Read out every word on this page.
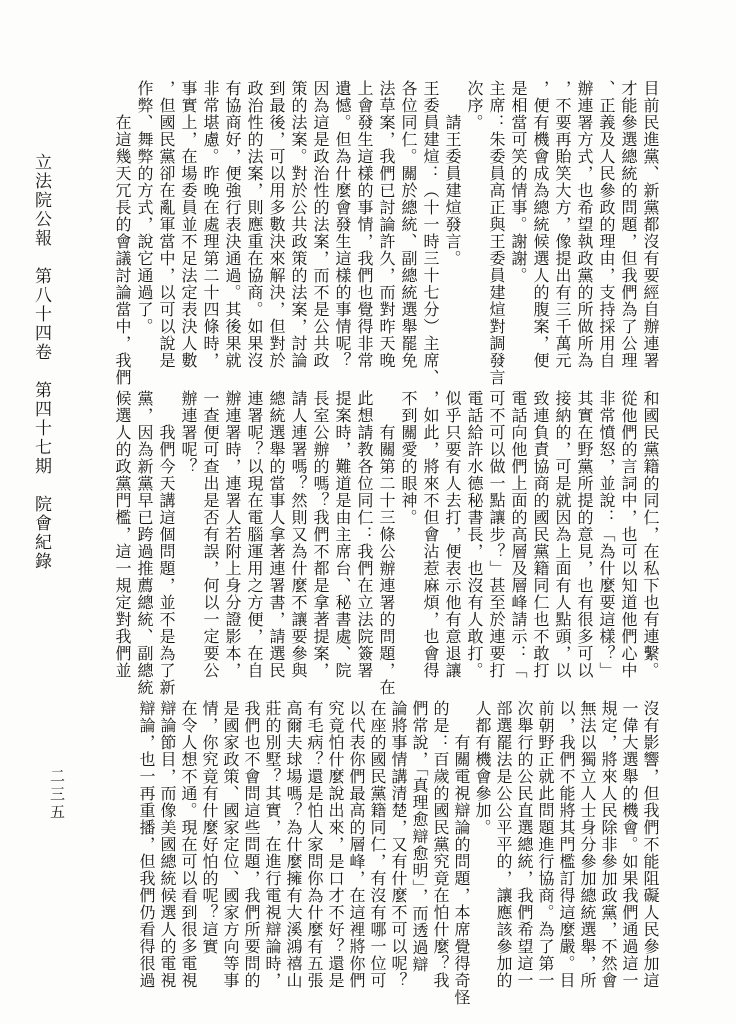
立法院公報　第八十四卷　第四十七期　院會紀錄
二三五
目前民進黨、新黨都沒有要經自辦連署
才能參選總統的問題，但我們為了公理
、正義及人民參政的理由，支持採用自
辦連署方式，也希望執政黨的所做所為
，不要再貽笑大方，像提出有三千萬元
，便有機會成為總統候選人的腹案，便
是相當可笑的情事。謝謝。
主席：朱委員高正與王委員建煊對調發言
次序。
請王委員建煊發言。
王委員建煊：（十一時三十七分）主席、
各位同仁。關於總統、副總統選舉罷免
法草案，我們已討論許久，而對昨天晚
上會發生這樣的事情，我們也覺得非常
遺憾。但為什麼會發生這樣的事情呢？
因為這是政治性的法案，而不是公共政
策的法案。對於公共政策的法案，討論
到最後，可以用多數決來解決，但對於
政治性的法案，則應重在協商。如果沒
有協商好，便強行表決通過。其後果就
非常堪慮。昨晚在處理第二十四條時，
事實上，在場委員並不足法定表決人數
，但國民黨卻在亂軍當中，以可以說是
作弊、舞弊的方式，說它通過了。
在這幾天冗長的會議討論當中，我們
和國民黨籍的同仁，在私下也有連繫。
從他們的言詞中，也可以知道他們心中
非常憤怒，並說：「為什麼要這樣？」
其實在野黨所提的意見，也有很多可以
接納的，可是就因為上面有人點頭，以
致連負責協商的國民黨籍同仁也不敢打
電話向他們上面的高層及層峰請示：「
可不可以做一點讓步？」甚至於連要打
電話給許水德秘書長，也沒有人敢打。
似乎只要有人去打，便表示他有意退讓
，如此，將來不但會沾惹麻煩，也會得
不到關愛的眼神。
有關第二十三條公辦連署的問題，在
此想請教各位同仁：我們在立法院簽署
提案時，難道是由主席台、秘書處、院
長室公辦的嗎？我們不都是拿著提案，
請人連署嗎？然則又為什麼不讓要參與
總統選舉的當事人拿著連署書，請選民
連署呢？以現在電腦運用之方便，在自
辦連署時，連署人若附上身分證影本，
一查便可查出是否有誤，何以一定要公
辦連署呢？
我們今天講這個問題，並不是為了新
黨，因為新黨早已跨過推薦總統、副總統
候選人的政黨門檻，這一規定對我們並
沒有影響，但我們不能阻礙人民參加這
一偉大選舉的機會。如果我們通過這一
規定，將來人民除非參加政黨，不然會
無法以獨立人士身分參加總統選舉，所
以，我們不能將其門檻訂得這麼嚴。目
前朝野正就此問題進行協商。為了第一
次舉行的公民直選總統，我們希望這一
部選罷法是公公平平的，讓應該參加的
人都有機會參加。
有關電視辯論的問題，本席覺得奇怪
的是：百歲的國民黨究竟在怕什麼？我
們常說，「真理愈辯愈明」，而透過辯
論將事情講清楚，又有什麼不可以呢？
在座的國民黨籍同仁，有沒有哪一位可
以代表你們最高的層峰，在這裡將你們
究竟怕什麼說出來，是口才不好？還是
有毛病？還是怕人家問你為什麼有五張
高爾夫球場嗎？為什麼擁有大溪鴻禧山
莊的別墅？其實，在進行電視辯論時，
我們也不會問這些問題，我們所要問的
是國家政策、國家定位、國家方向等事
情，你究竟有什麼好怕的呢？這實
在令人想不通。現在可以看到很多電視
辯論節目，而像美國總統候選人的電視
辯論，也一再重播，但我們仍看得很過
